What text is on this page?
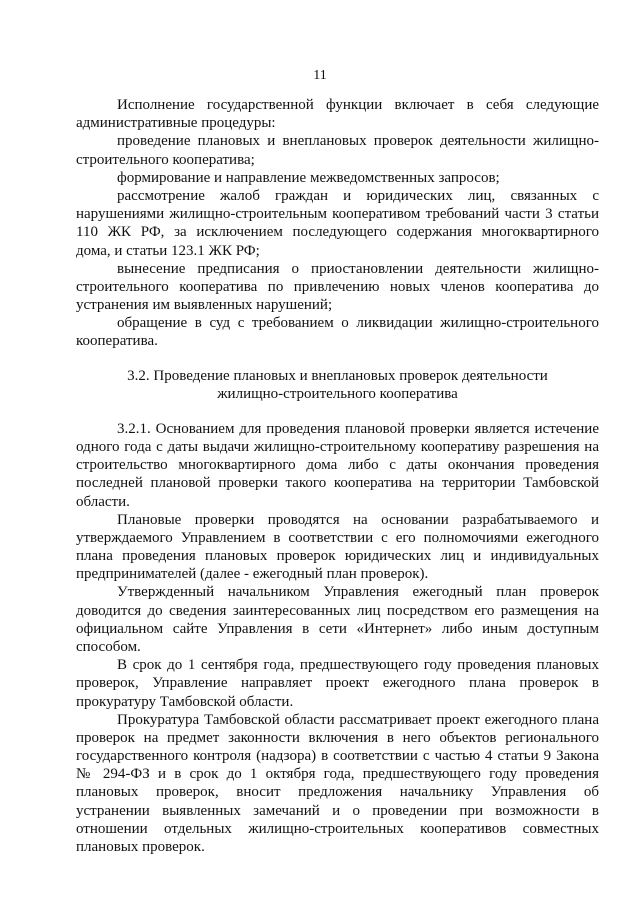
11
Исполнение государственной функции включает в себя следующие
административные процедуры:
проведение плановых и внеплановых проверок деятельности жилищно-
строительного кооператива;
формирование и направление межведомственных запросов;
рассмотрение жалоб граждан и юридических лиц, связанных с
нарушениями жилищно-строительным кооперативом требований части 3 статьи
110 ЖК РФ, за исключением последующего содержания многоквартирного
дома, и статьи 123.1 ЖК РФ;
вынесение предписания о приостановлении деятельности жилищно-
строительного кооператива по привлечению новых членов кооператива до
устранения им выявленных нарушений;
обращение в суд с требованием о ликвидации жилищно-строительного
кооператива.
3.2. Проведение плановых и внеплановых проверок деятельности
жилищно-строительного кооператива
3.2.1. Основанием для проведения плановой проверки является истечение
одного года с даты выдачи жилищно-строительному кооперативу разрешения на
строительство многоквартирного дома либо с даты окончания проведения
последней плановой проверки такого кооператива на территории Тамбовской
области.
Плановые проверки проводятся на основании разрабатываемого и
утверждаемого Управлением в соответствии с его полномочиями ежегодного
плана проведения плановых проверок юридических лиц и индивидуальных
предпринимателей (далее - ежегодный план проверок).
Утвержденный начальником Управления ежегодный план проверок
доводится до сведения заинтересованных лиц посредством его размещения на
официальном сайте Управления в сети «Интернет» либо иным доступным
способом.
В срок до 1 сентября года, предшествующего году проведения плановых
проверок, Управление направляет проект ежегодного плана проверок в
прокуратуру Тамбовской области.
Прокуратура Тамбовской области рассматривает проект ежегодного плана
проверок на предмет законности включения в него объектов регионального
государственного контроля (надзора) в соответствии с частью 4 статьи 9 Закона
№ 294-ФЗ и в срок до 1 октября года, предшествующего году проведения
плановых проверок, вносит предложения начальнику Управления об
устранении выявленных замечаний и о проведении при возможности в
отношении отдельных жилищно-строительных кооперативов совместных
плановых проверок.
